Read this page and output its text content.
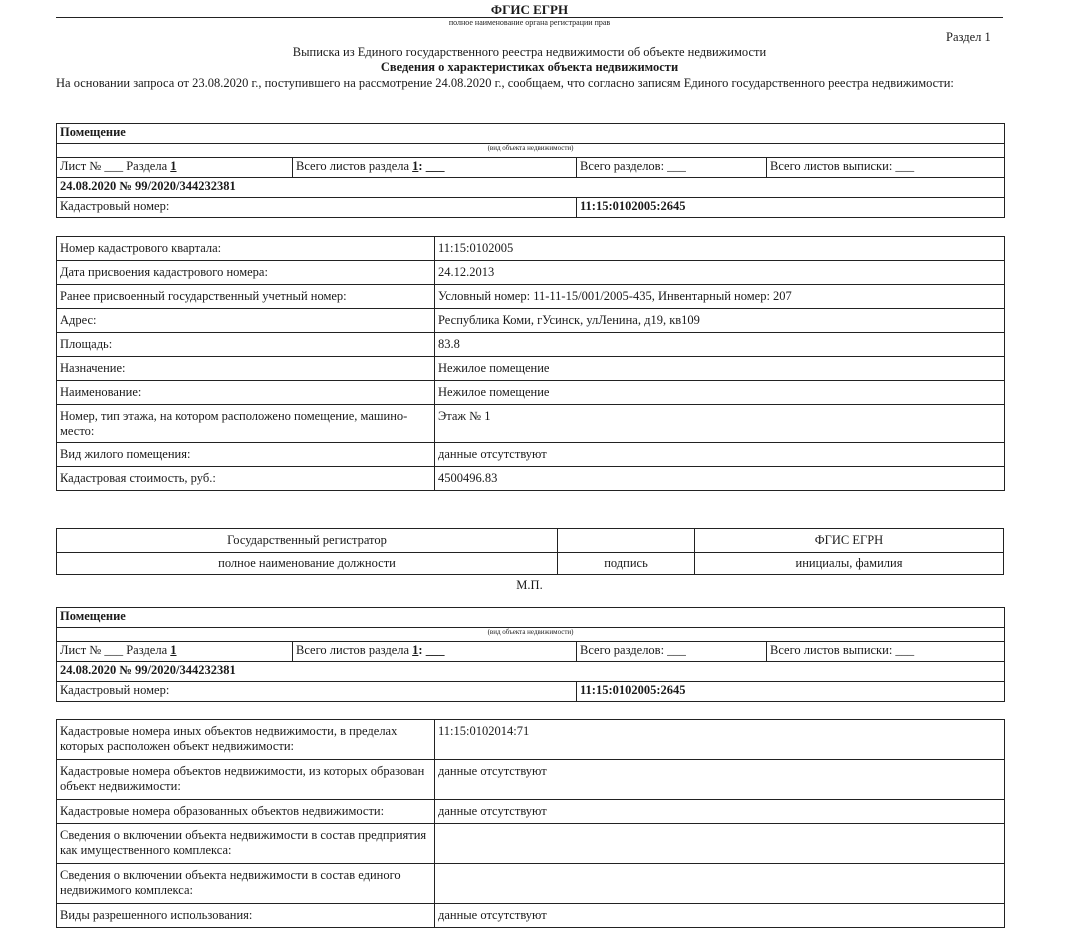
ФГИС ЕГРН
полное наименование органа регистрации прав
Раздел 1
Выписка из Единого государственного реестра недвижимости об объекте недвижимости
Сведения о характеристиках объекта недвижимости
На основании запроса от 23.08.2020 г., поступившего на рассмотрение 24.08.2020 г., сообщаем, что согласно записям Единого государственного реестра недвижимости:
Помещение			
(вид объекта недвижимости)			
Лист № ___ Раздела 1	Всего листов раздела 1: ___	Всего разделов: ___	Всего листов выписки: ___
24.08.2020 № 99/2020/344232381			
Кадастровый номер:		11:15:0102005:2645	
Номер кадастрового квартала:	11:15:0102005
Дата присвоения кадастрового номера:	24.12.2013
Ранее присвоенный государственный учетный номер:	Условный номер: 11-11-15/001/2005-435, Инвентарный номер: 207
Адрес:	Республика Коми, гУсинск, улЛенина, д19, кв109
Площадь:	83.8
Назначение:	Нежилое помещение
Наименование:	Нежилое помещение
Номер, тип этажа, на котором расположено помещение, машино-место:	Этаж № 1
Вид жилого помещения:	данные отсутствуют
Кадастровая стоимость, руб.:	4500496.83
Государственный регистратор		ФГИС ЕГРН
полное наименование должности	подпись	инициалы, фамилия
М.П.
Помещение			
(вид объекта недвижимости)			
Лист № ___ Раздела 1	Всего листов раздела 1: ___	Всего разделов: ___	Всего листов выписки: ___
24.08.2020 № 99/2020/344232381			
Кадастровый номер:		11:15:0102005:2645	
Кадастровые номера иных объектов недвижимости, в пределах которых расположен объект недвижимости:	11:15:0102014:71
Кадастровые номера объектов недвижимости, из которых образован объект недвижимости:	данные отсутствуют
Кадастровые номера образованных объектов недвижимости:	данные отсутствуют
Сведения о включении объекта недвижимости в состав предприятия как имущественного комплекса:	
Сведения о включении объекта недвижимости в состав единого недвижимого комплекса:	
Виды разрешенного использования:	данные отсутствуют
